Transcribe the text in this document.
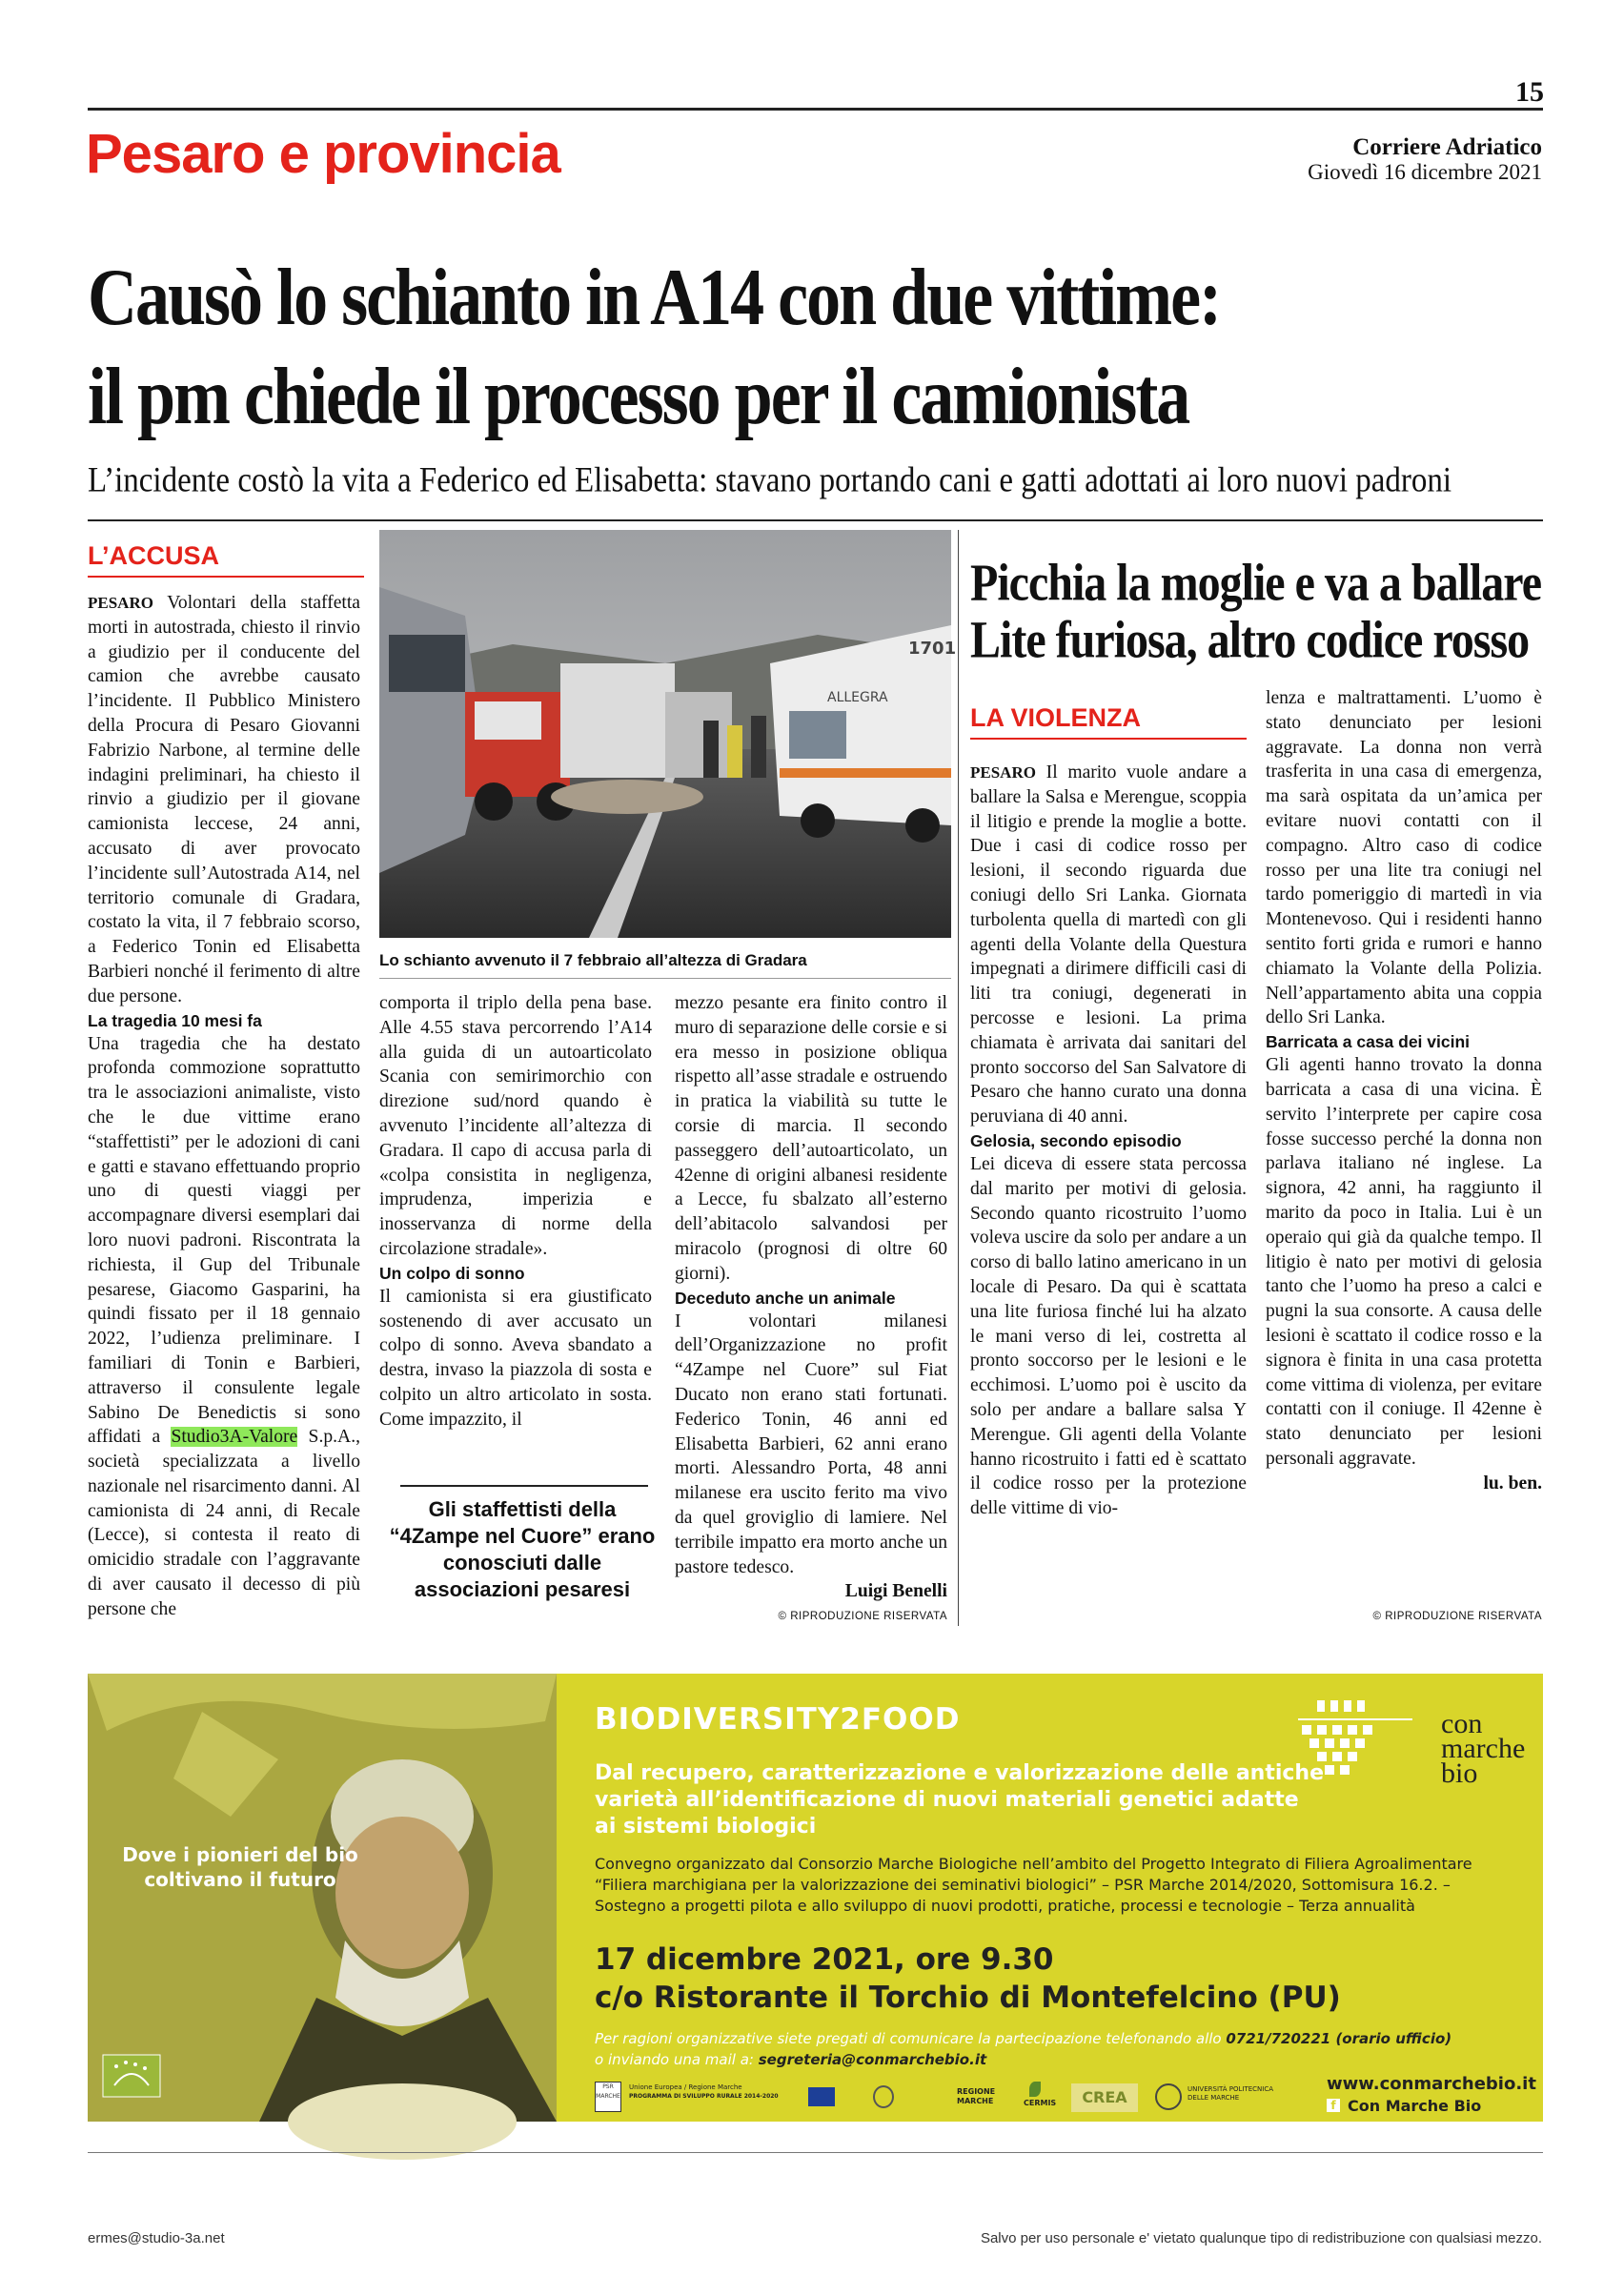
15
Pesaro e provincia	Corriere Adriatico
Giovedì 16 dicembre 2021
Causò lo schianto in A14 con due vittime:
il pm chiede il processo per il camionista
L’incidente costò la vita a Federico ed Elisabetta: stavano portando cani e gatti adottati ai loro nuovi padroni
L’ACCUSA

PESARO Volontari della staffetta morti in autostrada, chiesto il rinvio a giudizio per il conducente del camion che avrebbe causato l’incidente. Il Pubblico Ministero della Procura di Pesaro Giovanni Fabrizio Narbone, al termine delle indagini preliminari, ha chiesto il rinvio a giudizio per il giovane camionista leccese, 24 anni, accusato di aver provocato l’incidente sull’Autostrada A14, nel territorio comunale di Gradara, costato la vita, il 7 febbraio scorso, a Federico Tonin ed Elisabetta Barbieri nonché il ferimento di altre due persone.

La tragedia 10 mesi fa

Una tragedia che ha destato profonda commozione soprattutto tra le associazioni animaliste, visto che le due vittime erano “staffettisti” per le adozioni di cani e gatti e stavano effettuando proprio uno di questi viaggi per accompagnare diversi esemplari dai loro nuovi padroni. Riscontrata la richiesta, il Gup del Tribunale pesarese, Giacomo Gasparini, ha quindi fissato per il 18 gennaio 2022, l’udienza preliminare. I familiari di Tonin e Barbieri, attraverso il consulente legale Sabino De Benedictis si sono affidati a Studio3A-Valore S.p.A., società specializzata a livello nazionale nel risarcimento danni. Al camionista di 24 anni, di Recale (Lecce), si contesta il reato di omicidio stradale con l’aggravante di aver causato il decesso di più persone che

ALLEGRA
1701
Lo schianto avvenuto il 7 febbraio all’altezza di Gradara

comporta il triplo della pena base. Alle 4.55 stava percorrendo l’A14 alla guida di un autoarticolato Scania con semirimorchio con direzione sud/nord quando è avvenuto l’incidente all’altezza di Gradara. Il capo di accusa parla di «colpa consistita in negligenza, imprudenza, imperizia e inosservanza di norme della circolazione stradale».

Un colpo di sonno

Il camionista si era giustificato sostenendo di aver accusato un colpo di sonno. Aveva sbandato a destra, invaso la piazzola di sosta e colpito un altro articolato in sosta. Come impazzito, il

Gli staffettisti della “4Zampe nel Cuore” erano conosciuti dalle associazioni pesaresi

mezzo pesante era finito contro il muro di separazione delle corsie e si era messo in posizione obliqua rispetto all’asse stradale e ostruendo in pratica la viabilità su tutte le corsie di marcia. Il secondo passeggero dell’autoarticolato, un 42enne di origini albanesi residente a Lecce, fu sbalzato all’esterno dell’abitacolo salvandosi per miracolo (prognosi di oltre 60 giorni).

Deceduto anche un animale

I volontari milanesi dell’Organizzazione no profit “4Zampe nel Cuore” sul Fiat Ducato non erano stati fortunati. Federico Tonin, 46 anni ed Elisabetta Barbieri, 62 anni erano morti. Alessandro Porta, 48 anni milanese era uscito ferito ma vivo da quel groviglio di lamiere. Nel terribile impatto era morto anche un pastore tedesco.

Luigi Benelli

© RIPRODUZIONE RISERVATA
Picchia la moglie e va a ballare
Lite furiosa, altro codice rosso
LA VIOLENZA

PESARO Il marito vuole andare a ballare la Salsa e Merengue, scoppia il litigio e prende la moglie a botte. Due i casi di codice rosso per lesioni, il secondo riguarda due coniugi dello Sri Lanka. Giornata turbolenta quella di martedì con gli agenti della Volante della Questura impegnati a dirimere difficili casi di liti tra coniugi, degenerati in percosse e lesioni. La prima chiamata è arrivata dai sanitari del pronto soccorso del San Salvatore di Pesaro che hanno curato una donna peruviana di 40 anni.

Gelosia, secondo episodio

Lei diceva di essere stata percossa dal marito per motivi di gelosia. Secondo quanto ricostruito l’uomo voleva uscire da solo per andare a un corso di ballo latino americano in un locale di Pesaro. Da qui è scattata una lite furiosa finché lui ha alzato le mani verso di lei, costretta al pronto soccorso per le lesioni e le ecchimosi. L’uomo poi è uscito da solo per andare a ballare salsa Y Merengue. Gli agenti della Volante hanno ricostruito i fatti ed è scattato il codice rosso per la protezione delle vittime di vio-

lenza e maltrattamenti. L’uomo è stato denunciato per lesioni aggravate. La donna non verrà trasferita in una casa di emergenza, ma sarà ospitata da un’amica per evitare nuovi contatti con il compagno. Altro caso di codice rosso per una lite tra coniugi nel tardo pomeriggio di martedì in via Montenevoso. Qui i residenti hanno sentito forti grida e rumori e hanno chiamato la Volante della Polizia. Nell’appartamento abita una coppia dello Sri Lanka.

Barricata a casa dei vicini

Gli agenti hanno trovato la donna barricata a casa di una vicina. È servito l’interprete per capire cosa fosse successo perché la donna non parlava italiano né inglese. La signora, 42 anni, ha raggiunto il marito da poco in Italia. Lui è un operaio qui già da qualche tempo. Il litigio è nato per motivi di gelosia tanto che l’uomo ha preso a calci e pugni la sua consorte. A causa delle lesioni è scattato il codice rosso e la signora è finita in una casa protetta come vittima di violenza, per evitare contatti con il coniuge. Il 42enne è stato denunciato per lesioni personali aggravate.

lu. ben.

© RIPRODUZIONE RISERVATA
Dove i pionieri del bio
coltivano il futuro
BIODIVERSITY2FOOD	con
marche
bio
Dal recupero, caratterizzazione e valorizzazione delle antiche
varietà all’identificazione di nuovi materiali genetici adatte
ai sistemi biologici
Convegno organizzato dal Consorzio Marche Biologiche nell’ambito del Progetto Integrato di Filiera Agroalimentare
“Filiera marchigiana per la valorizzazione dei seminativi biologici” – PSR Marche 2014/2020, Sottomisura 16.2. –
Sostegno a progetti pilota e allo sviluppo di nuovi prodotti, pratiche, processi e tecnologie – Terza annualità
17 dicembre 2021, ore 9.30
c/o Ristorante il Torchio di Montefelcino (PU)
Per ragioni organizzative siete pregati di comunicare la partecipazione telefonando allo 0721/720221 (orario ufficio)
o inviando una mail a: segreteria@conmarchebio.it
PSR MARCHE
Unione Europea / Regione Marche
PROGRAMMA DI SVILUPPO RURALE 2014-2020
REGIONE MARCHE	CERMIS	CREA	UNIVERSITÀ POLITECNICA DELLE MARCHE
www.conmarchebio.it
f Con Marche Bio
ermes@studio-3a.net	Salvo per uso personale e' vietato qualunque tipo di redistribuzione con qualsiasi mezzo.
